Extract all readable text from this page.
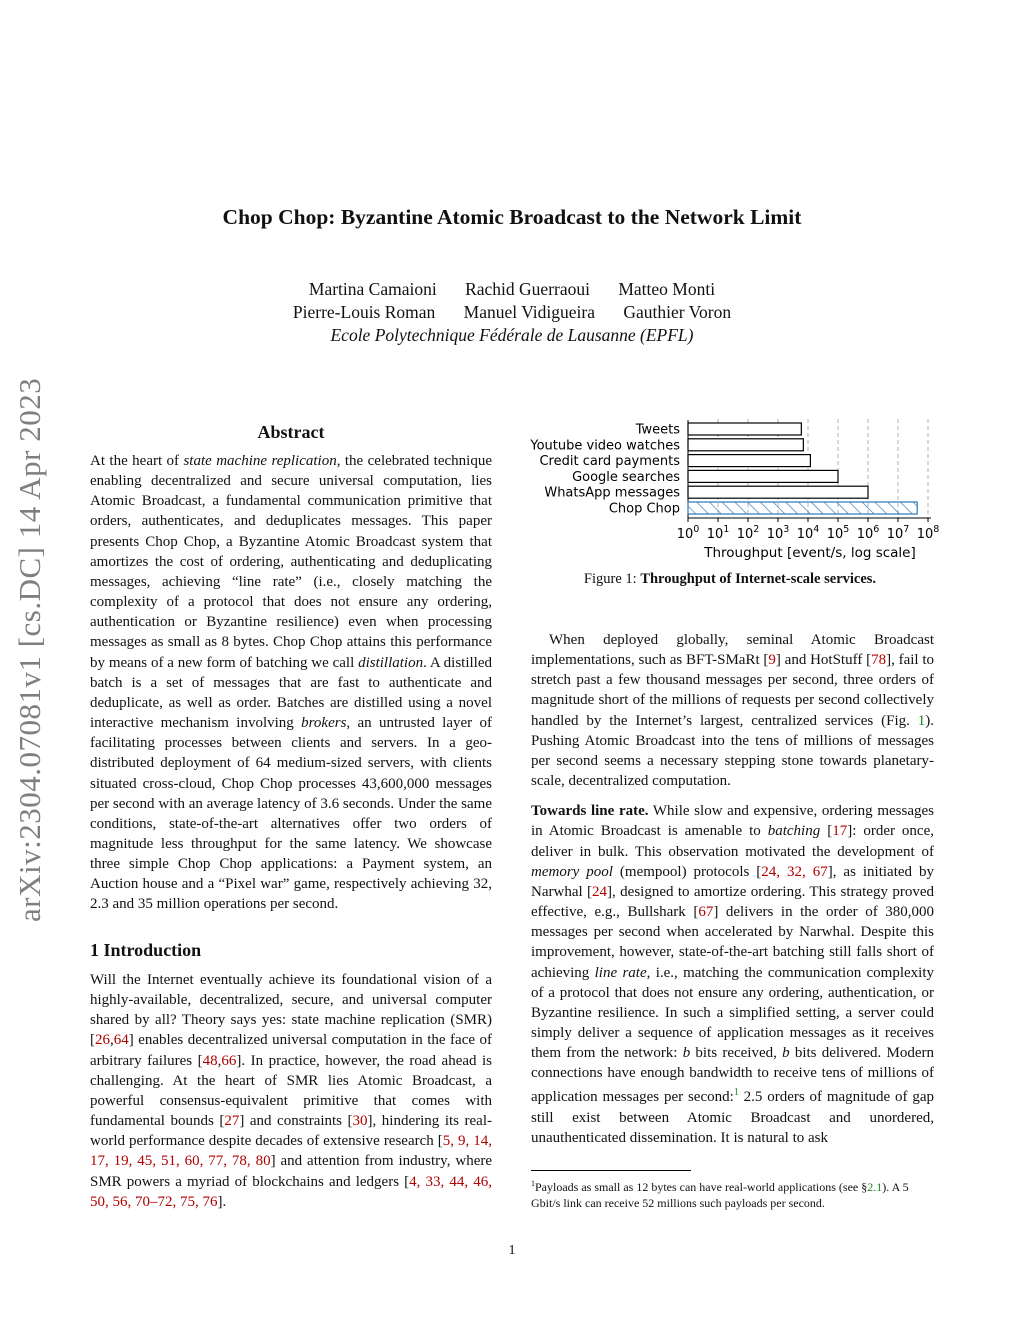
arXiv:2304.07081v1 [cs.DC] 14 Apr 2023
Chop Chop: Byzantine Atomic Broadcast to the Network Limit
Martina Camaioni Rachid Guerraoui Matteo Monti
Pierre-Louis Roman Manuel Vidigueira Gauthier Voron
Ecole Polytechnique Fédérale de Lausanne (EPFL)
Abstract

At the heart of state machine replication, the celebrated technique enabling decentralized and secure universal computation, lies Atomic Broadcast, a fundamental communication primitive that orders, authenticates, and deduplicates messages. This paper presents Chop Chop, a Byzantine Atomic Broadcast system that amortizes the cost of ordering, authenticating and deduplicating messages, achieving “line rate” (i.e., closely matching the complexity of a protocol that does not ensure any ordering, authentication or Byzantine resilience) even when processing messages as small as 8 bytes. Chop Chop attains this performance by means of a new form of batching we call distillation. A distilled batch is a set of messages that are fast to authenticate and deduplicate, as well as order. Batches are distilled using a novel interactive mechanism involving brokers, an untrusted layer of facilitating processes between clients and servers. In a geo-distributed deployment of 64 medium-sized servers, with clients situated cross-cloud, Chop Chop processes 43,600,000 messages per second with an average latency of 3.6 seconds. Under the same conditions, state-of-the-art alternatives offer two orders of magnitude less throughput for the same latency. We showcase three simple Chop Chop applications: a Payment system, an Auction house and a “Pixel war” game, respectively achieving 32, 2.3 and 35 million operations per second.

1 Introduction

Will the Internet eventually achieve its foundational vision of a highly-available, decentralized, secure, and universal computer shared by all? Theory says yes: state machine replication (SMR) [26,64] enables decentralized universal computation in the face of arbitrary failures [48,66]. In practice, however, the road ahead is challenging. At the heart of SMR lies Atomic Broadcast, a powerful consensus-equivalent primitive that comes with fundamental bounds [27] and constraints [30], hindering its real-world performance despite decades of extensive research [5, 9, 14, 17, 19, 45, 51, 60, 77, 78, 80] and attention from industry, where SMR powers a myriad of blockchains and ledgers [4, 33, 44, 46, 50, 56, 70–72, 75, 76].

Tweets
Youtube video watches
Credit card payments
Google searches
WhatsApp messages
Chop Chop
$10^0$ $10^1$ $10^2$ $10^3$ $10^4$ $10^5$ $10^6$ $10^7$ $10^8$
Throughput [event/s, log scale]
Figure 1: Throughput of Internet-scale services.

When deployed globally, seminal Atomic Broadcast implementations, such as BFT-SMaRt [9] and HotStuff [78], fail to stretch past a few thousand messages per second, three orders of magnitude short of the millions of requests per second collectively handled by the Internet’s largest, centralized services (Fig. 1). Pushing Atomic Broadcast into the tens of millions of messages per second seems a necessary stepping stone towards planetary-scale, decentralized computation.

Towards line rate. While slow and expensive, ordering messages in Atomic Broadcast is amenable to batching [17]: order once, deliver in bulk. This observation motivated the development of memory pool (mempool) protocols [24, 32, 67], as initiated by Narwhal [24], designed to amortize ordering. This strategy proved effective, e.g., Bullshark [67] delivers in the order of 380,000 messages per second when accelerated by Narwhal. Despite this improvement, however, state-of-the-art batching still falls short of achieving line rate, i.e., matching the communication complexity of a protocol that does not ensure any ordering, authentication, or Byzantine resilience. In such a simplified setting, a server could simply deliver a sequence of application messages as it receives them from the network: b bits received, b bits delivered. Modern connections have enough bandwidth to receive tens of millions of application messages per second:$^1$ 2.5 orders of magnitude of gap still exist between Atomic Broadcast and unordered, unauthenticated dissemination. It is natural to ask

$^1$Payloads as small as 12 bytes can have real-world applications (see §2.1). A 5 Gbit/s link can receive 52 millions such payloads per second.
1
